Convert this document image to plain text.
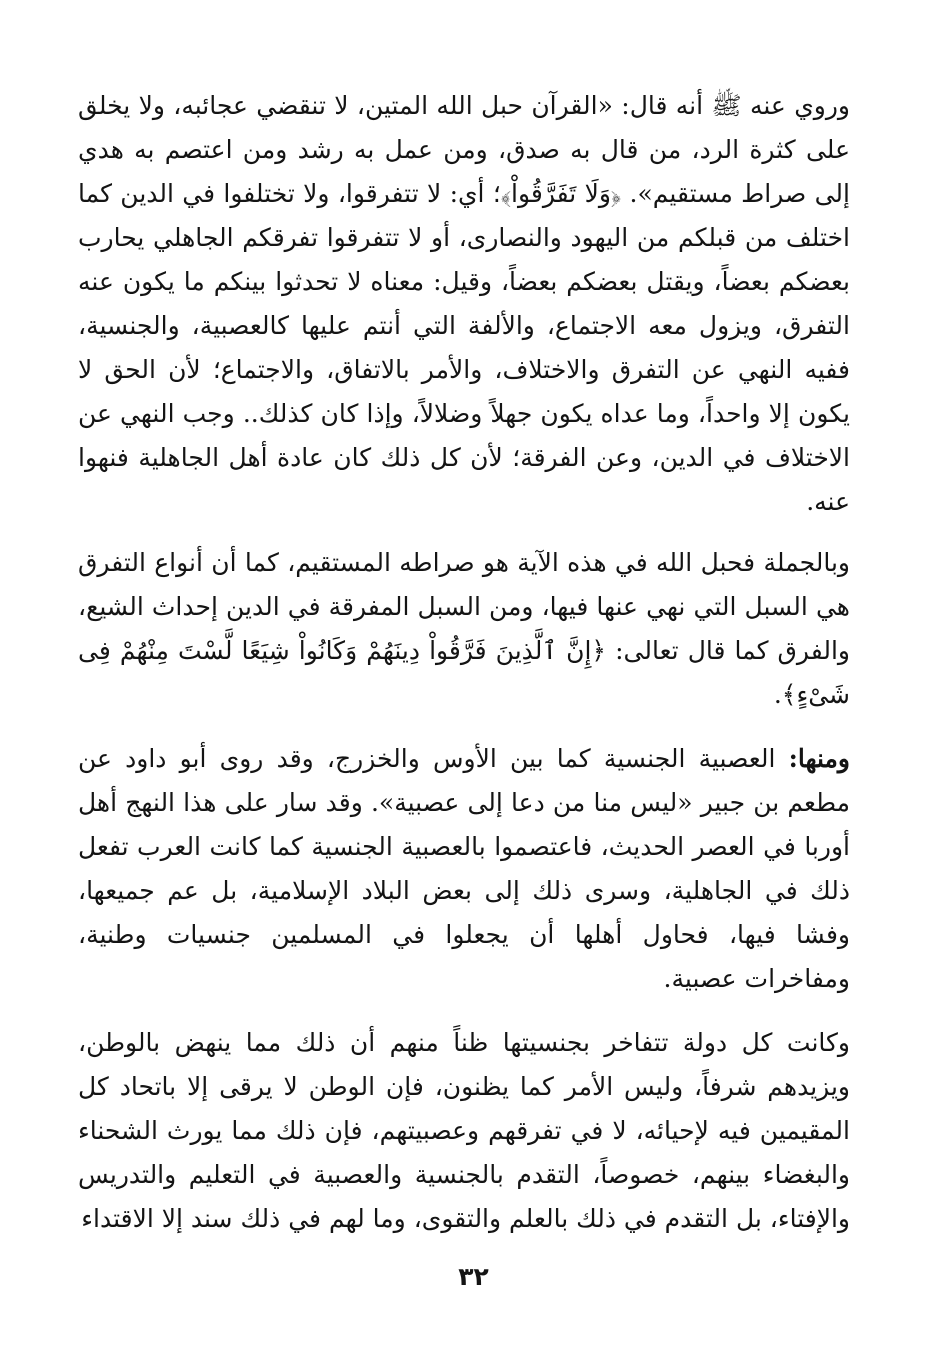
وروي عنه ﷺ أنه قال: «القرآن حبل الله المتين، لا تنقضي عجائبه، ولا يخلق على كثرة الرد، من قال به صدق، ومن عمل به رشد ومن اعتصم به هدي إلى صراط مستقيم». ﴿وَلَا تَفَرَّقُواْ﴾؛ أي: لا تتفرقوا، ولا تختلفوا في الدين كما اختلف من قبلكم من اليهود والنصارى، أو لا تتفرقوا تفرقكم الجاهلي يحارب بعضكم بعضاً، ويقتل بعضكم بعضاً، وقيل: معناه لا تحدثوا بينكم ما يكون عنه التفرق، ويزول معه الاجتماع، والألفة التي أنتم عليها كالعصبية، والجنسية، ففيه النهي عن التفرق والاختلاف، والأمر بالاتفاق، والاجتماع؛ لأن الحق لا يكون إلا واحداً، وما عداه يكون جهلاً وضلالاً، وإذا كان كذلك.. وجب النهي عن الاختلاف في الدين، وعن الفرقة؛ لأن كل ذلك كان عادة أهل الجاهلية فنهوا عنه.

وبالجملة فحبل الله في هذه الآية هو صراطه المستقيم، كما أن أنواع التفرق هي السبل التي نهي عنها فيها، ومن السبل المفرقة في الدين إحداث الشيع، والفرق كما قال تعالى: ﴿إِنَّ ٱلَّذِينَ فَرَّقُواْ دِينَهُمْ وَكَانُواْ شِيَعًا لَّسْتَ مِنْهُمْ فِى شَىْءٍ﴾.

ومنها: العصبية الجنسية كما بين الأوس والخزرج، وقد روى أبو داود عن مطعم بن جبير «ليس منا من دعا إلى عصبية». وقد سار على هذا النهج أهل أوربا في العصر الحديث، فاعتصموا بالعصبية الجنسية كما كانت العرب تفعل ذلك في الجاهلية، وسرى ذلك إلى بعض البلاد الإسلامية، بل عم جميعها، وفشا فيها، فحاول أهلها أن يجعلوا في المسلمين جنسيات وطنية، ومفاخرات عصبية.

وكانت كل دولة تتفاخر بجنسيتها ظناً منهم أن ذلك مما ينهض بالوطن، ويزيدهم شرفاً، وليس الأمر كما يظنون، فإن الوطن لا يرقى إلا باتحاد كل المقيمين فيه لإحيائه، لا في تفرقهم وعصبيتهم، فإن ذلك مما يورث الشحناء والبغضاء بينهم، خصوصاً، التقدم بالجنسية والعصبية في التعليم والتدريس والإفتاء، بل التقدم في ذلك بالعلم والتقوى، وما لهم في ذلك سند إلا الاقتداء

٣٢
